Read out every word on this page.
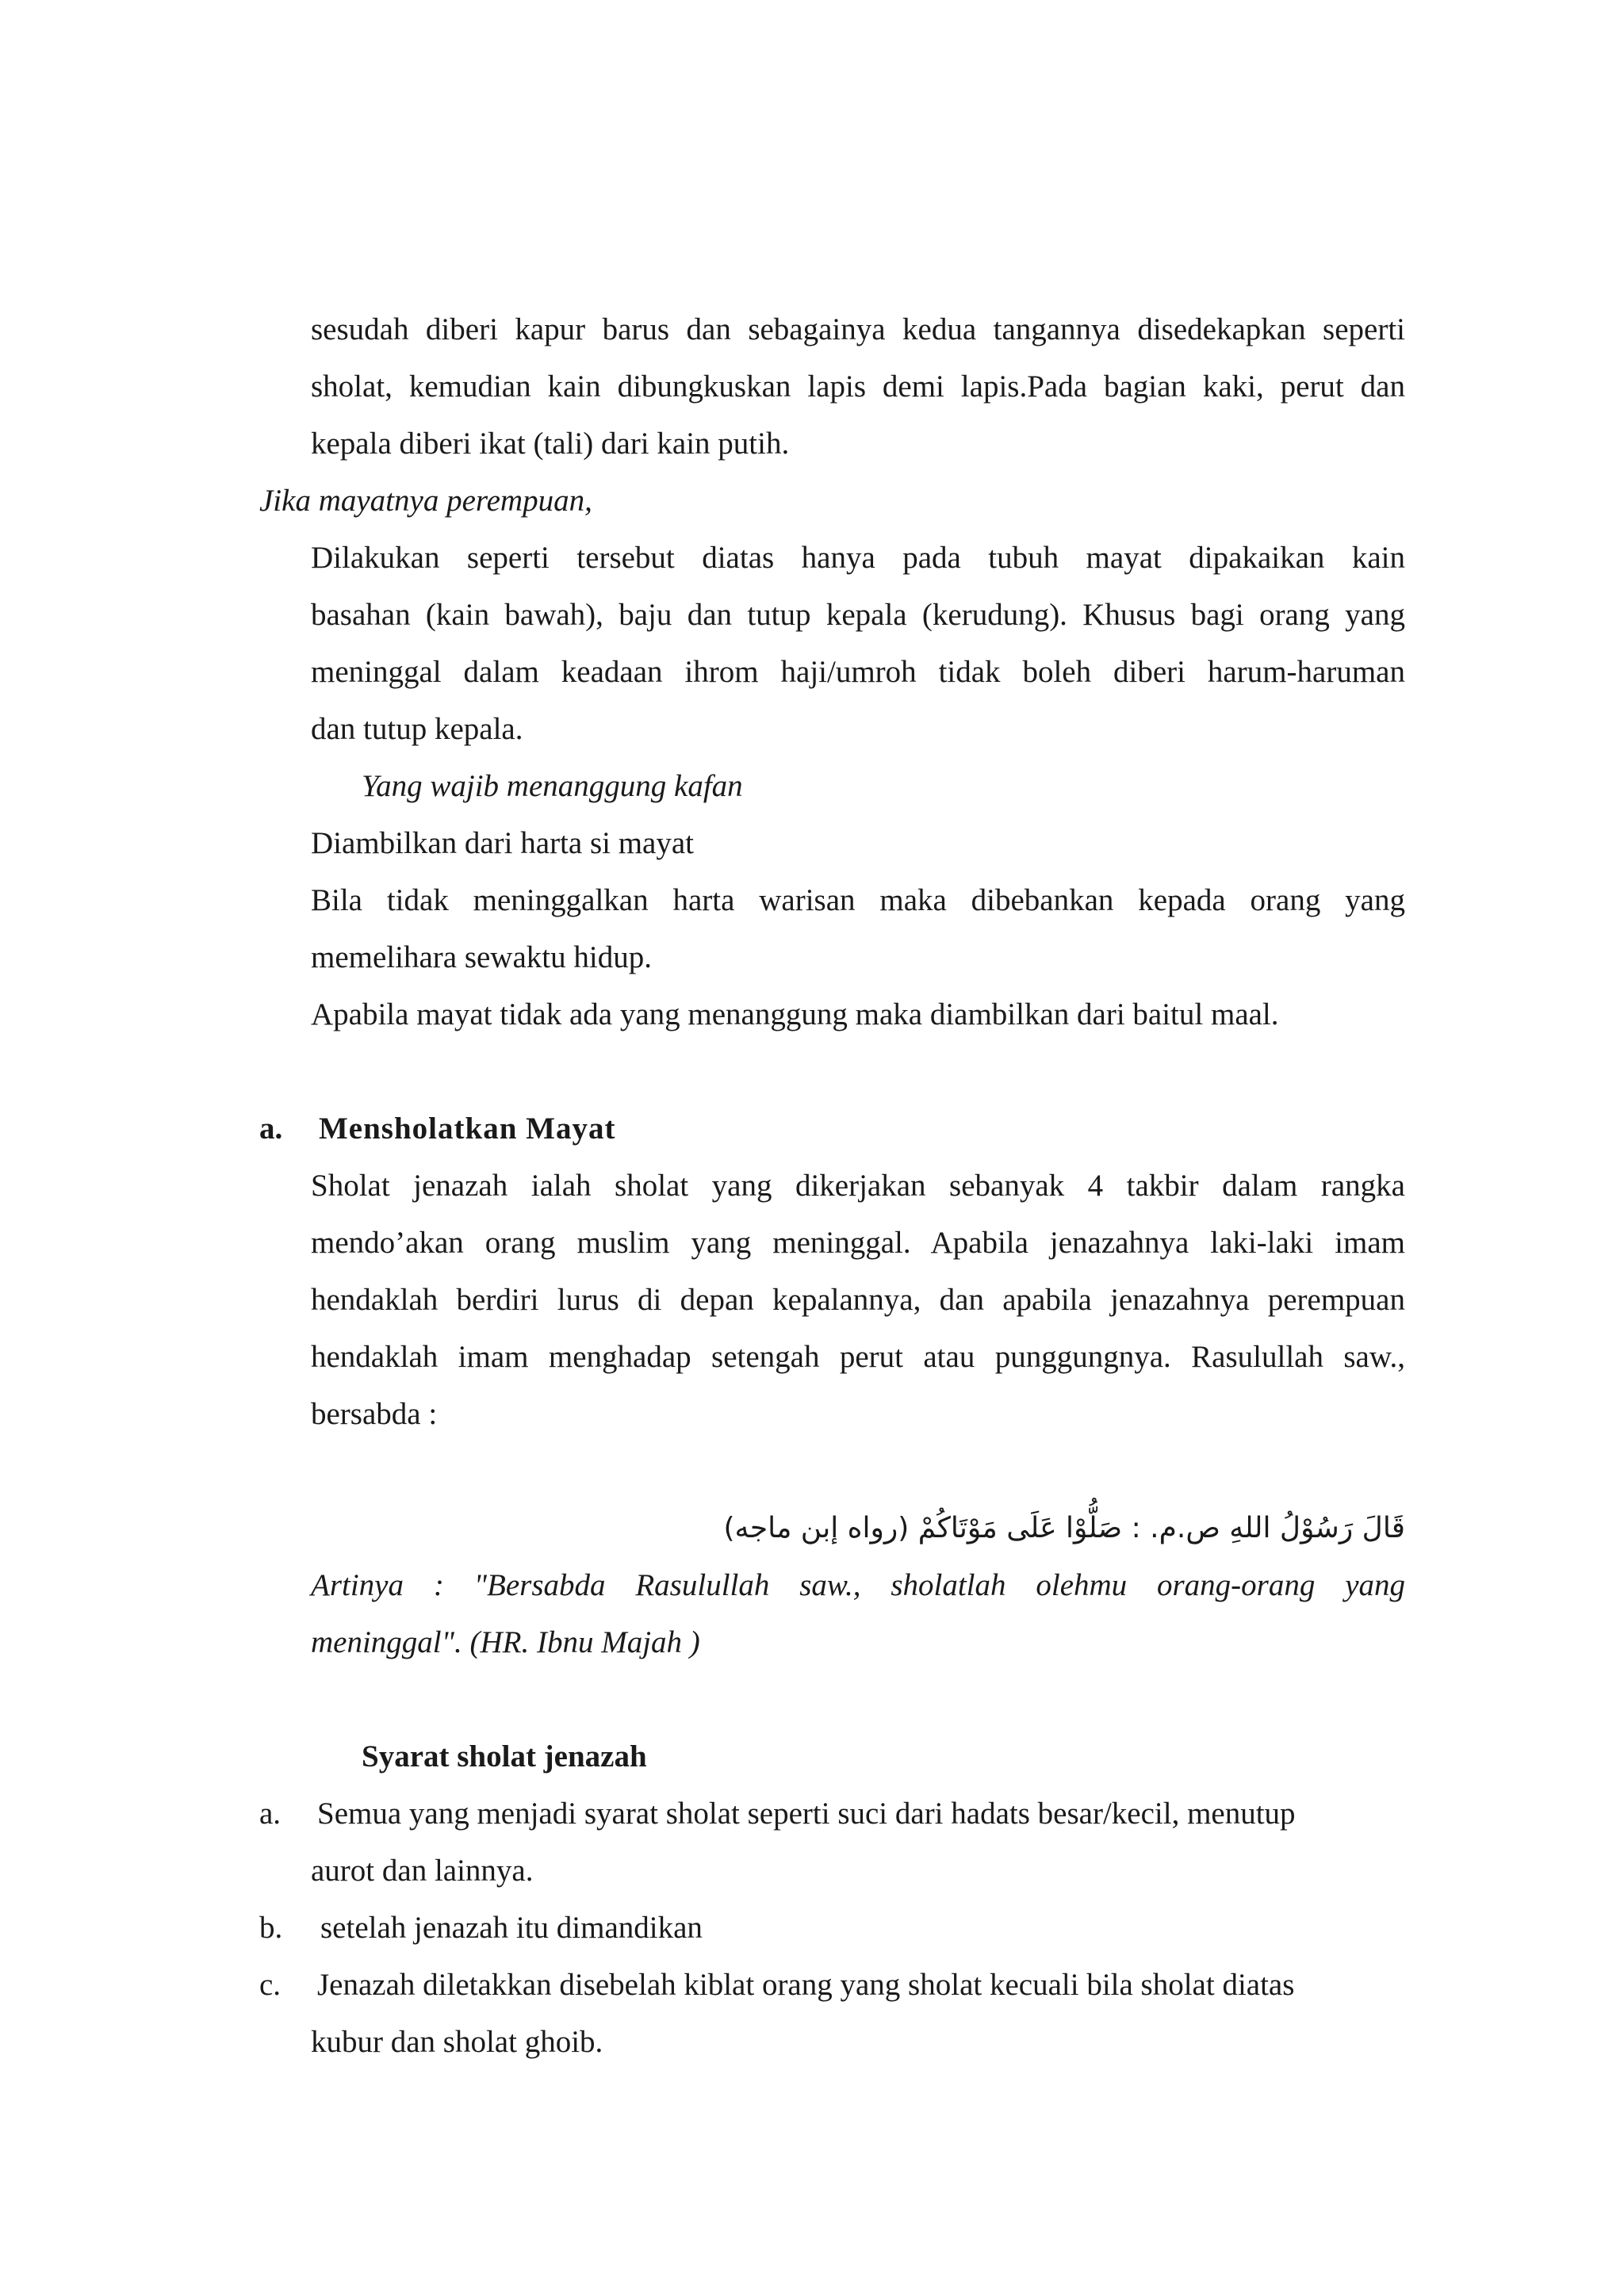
sesudah diberi kapur barus dan sebagainya kedua tangannya disedekapkan seperti
sholat, kemudian kain dibungkuskan lapis demi lapis.Pada bagian kaki, perut dan
kepala diberi ikat (tali) dari kain putih.
Jika mayatnya perempuan,
Dilakukan seperti tersebut diatas hanya pada tubuh mayat dipakaikan kain
basahan (kain bawah), baju dan tutup kepala (kerudung). Khusus bagi orang yang
meninggal dalam keadaan ihrom haji/umroh tidak boleh diberi harum-haruman
dan tutup kepala.
Yang wajib menanggung kafan
Diambilkan dari harta si mayat
Bila tidak meninggalkan harta warisan maka dibebankan kepada orang yang
memelihara sewaktu hidup.
Apabila mayat tidak ada yang menanggung maka diambilkan dari baitul maal.
a. Mensholatkan Mayat
Sholat jenazah ialah sholat yang dikerjakan sebanyak 4 takbir dalam rangka
mendo’akan orang muslim yang meninggal. Apabila jenazahnya laki-laki imam
hendaklah berdiri lurus di depan kepalannya, dan apabila jenazahnya perempuan
hendaklah imam menghadap setengah perut atau punggungnya. Rasulullah saw.,
bersabda :
قَالَ رَسُوْلُ اللهِ ص.م. : صَلُّوْا عَلَى مَوْتَاكُمْ (رواه إبن ماجه)
Artinya : "Bersabda Rasulullah saw., sholatlah olehmu orang-orang yang
meninggal". (HR. Ibnu Majah )
Syarat sholat jenazah
a. Semua yang menjadi syarat sholat seperti suci dari hadats besar/kecil, menutup
aurot dan lainnya.
b. setelah jenazah itu dimandikan
c. Jenazah diletakkan disebelah kiblat orang yang sholat kecuali bila sholat diatas
kubur dan sholat ghoib.
